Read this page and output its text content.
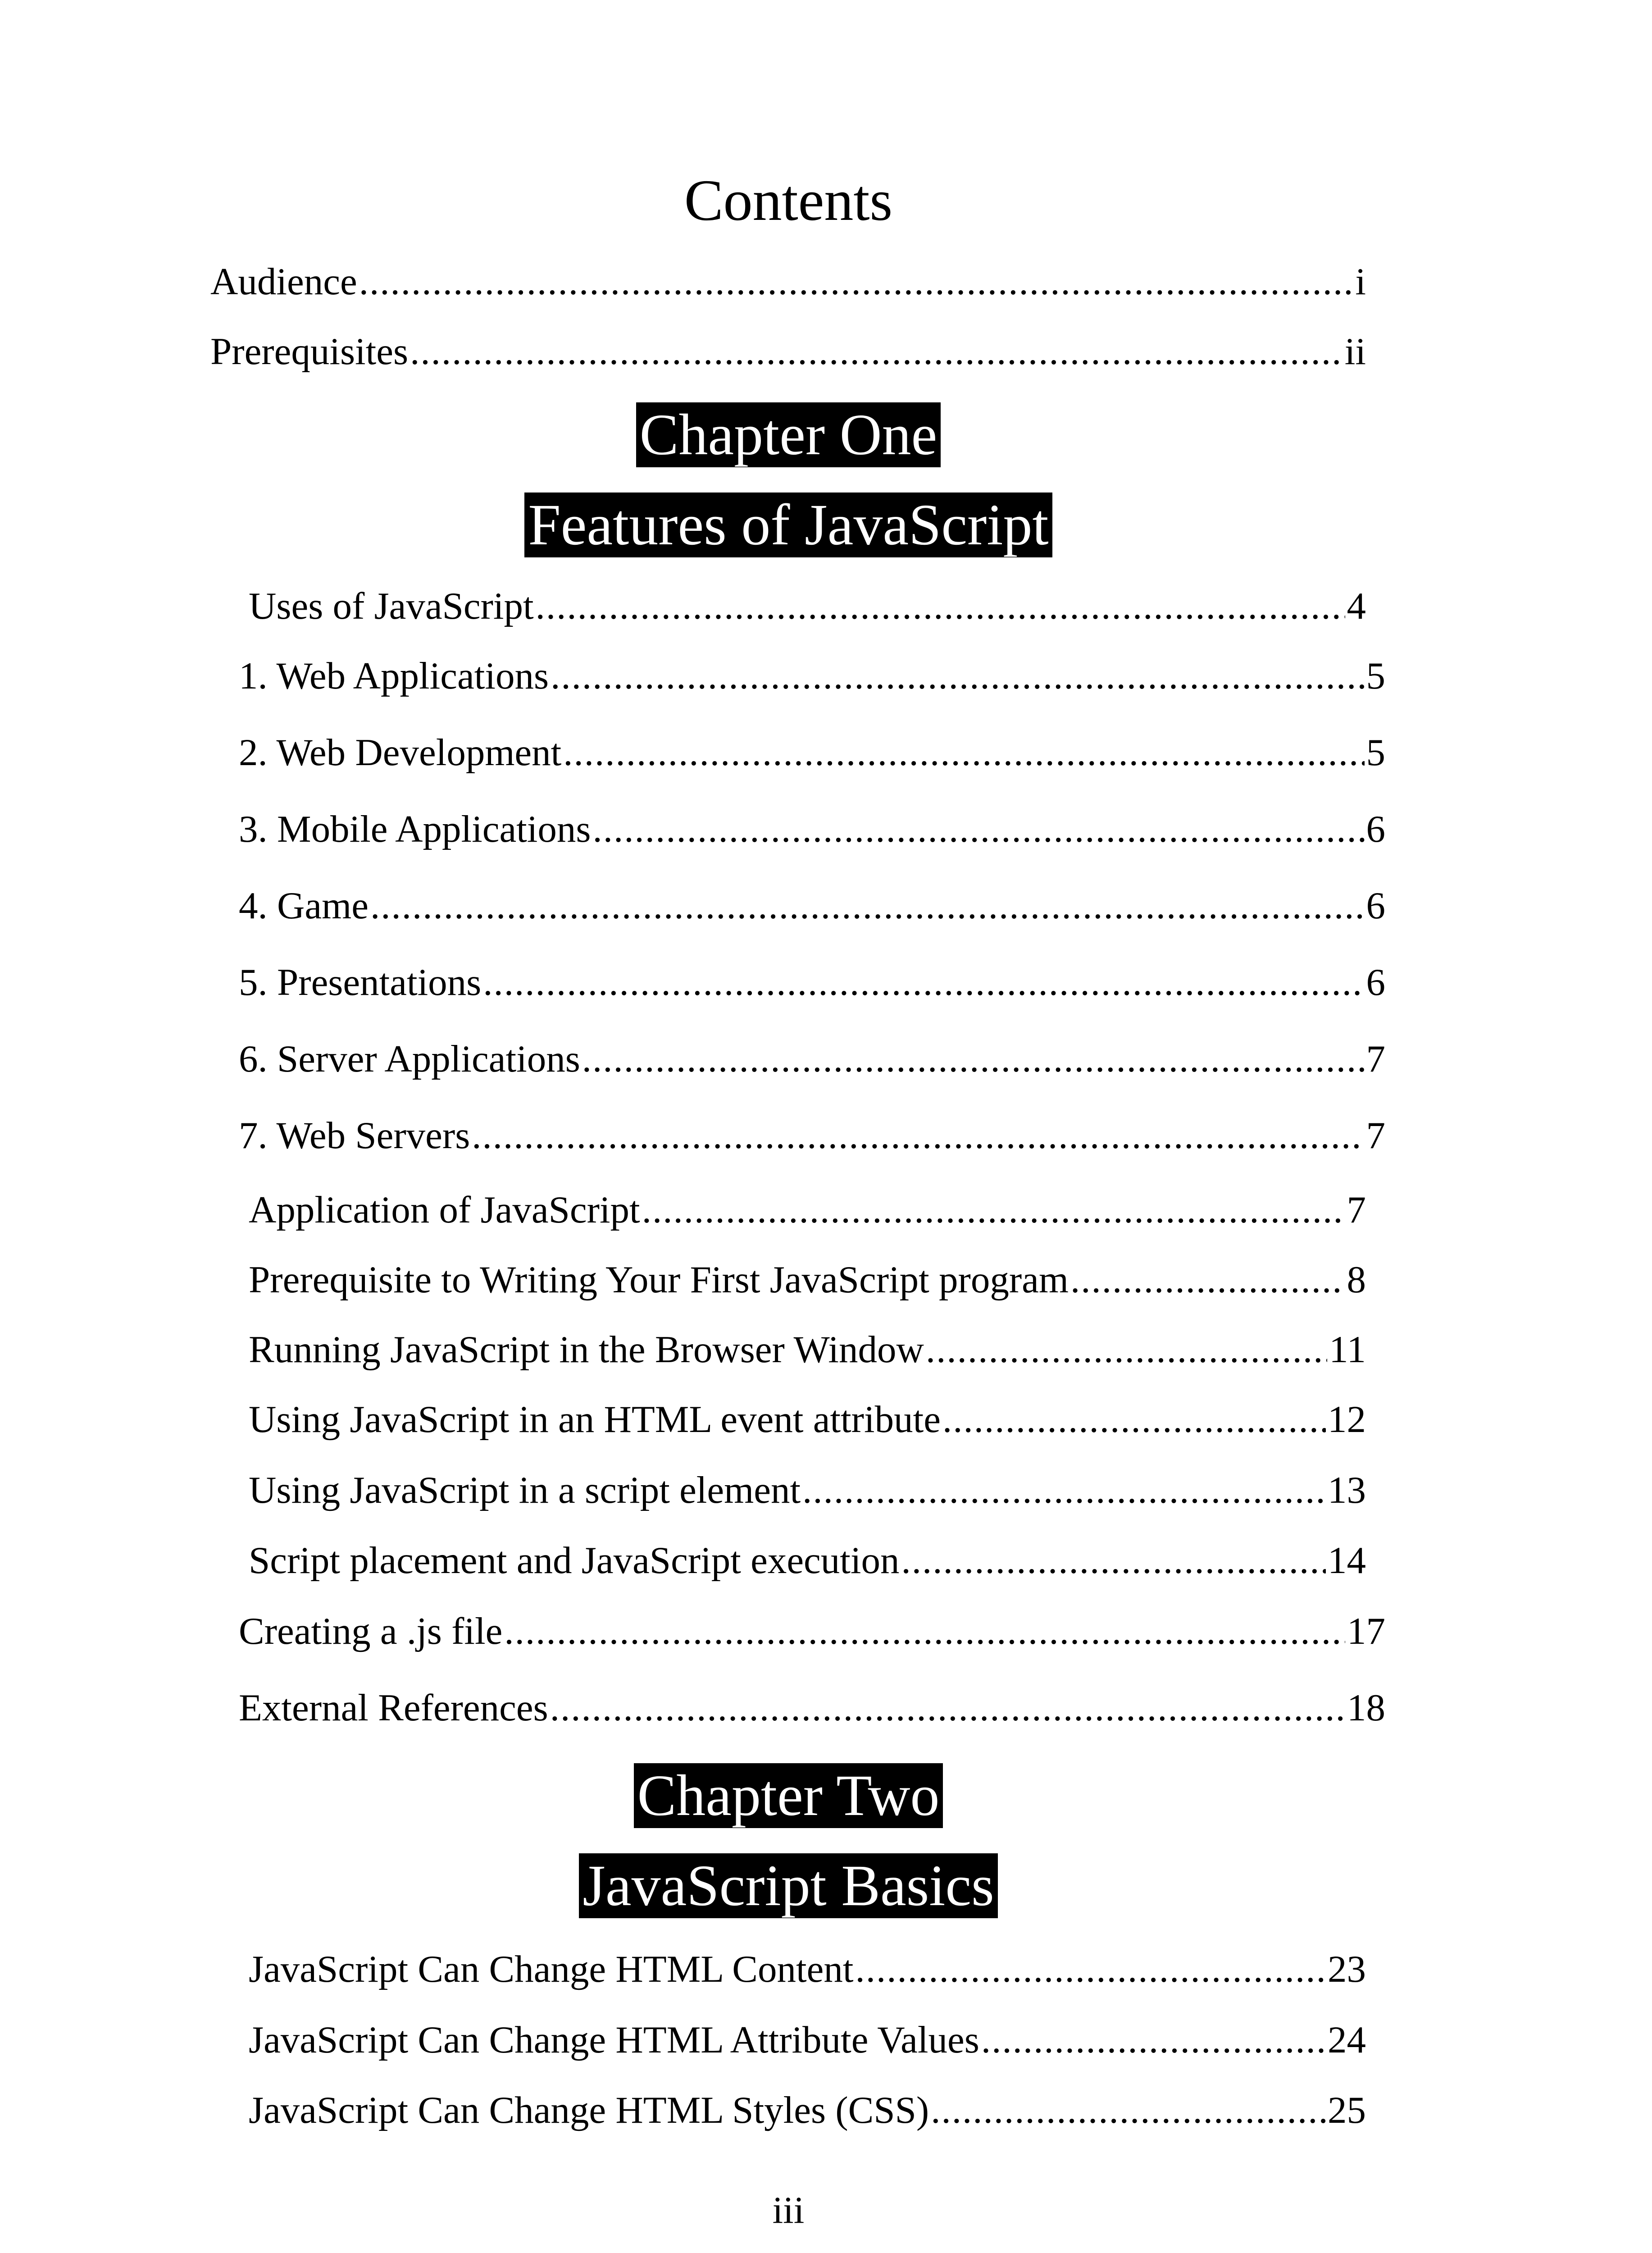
Contents
Audience .....	i
Prerequisites .....	ii
Chapter One
Features of JavaScript
Uses of JavaScript .....	4
1. Web Applications .....	5
2. Web Development .....	5
3. Mobile Applications .....	6
4. Game .....	6
5. Presentations .....	6
6. Server Applications .....	7
7. Web Servers .....	7
Application of JavaScript .....	7
Prerequisite to Writing Your First JavaScript program .....	8
Running JavaScript in the Browser Window .....	11
Using JavaScript in an HTML event attribute .....	12
Using JavaScript in a script element .....	13
Script placement and JavaScript execution .....	14
Creating a .js file .....	17
External References .....	18
Chapter Two
JavaScript Basics
JavaScript Can Change HTML Content .....	23
JavaScript Can Change HTML Attribute Values .....	24
JavaScript Can Change HTML Styles (CSS) .....	25
iii
